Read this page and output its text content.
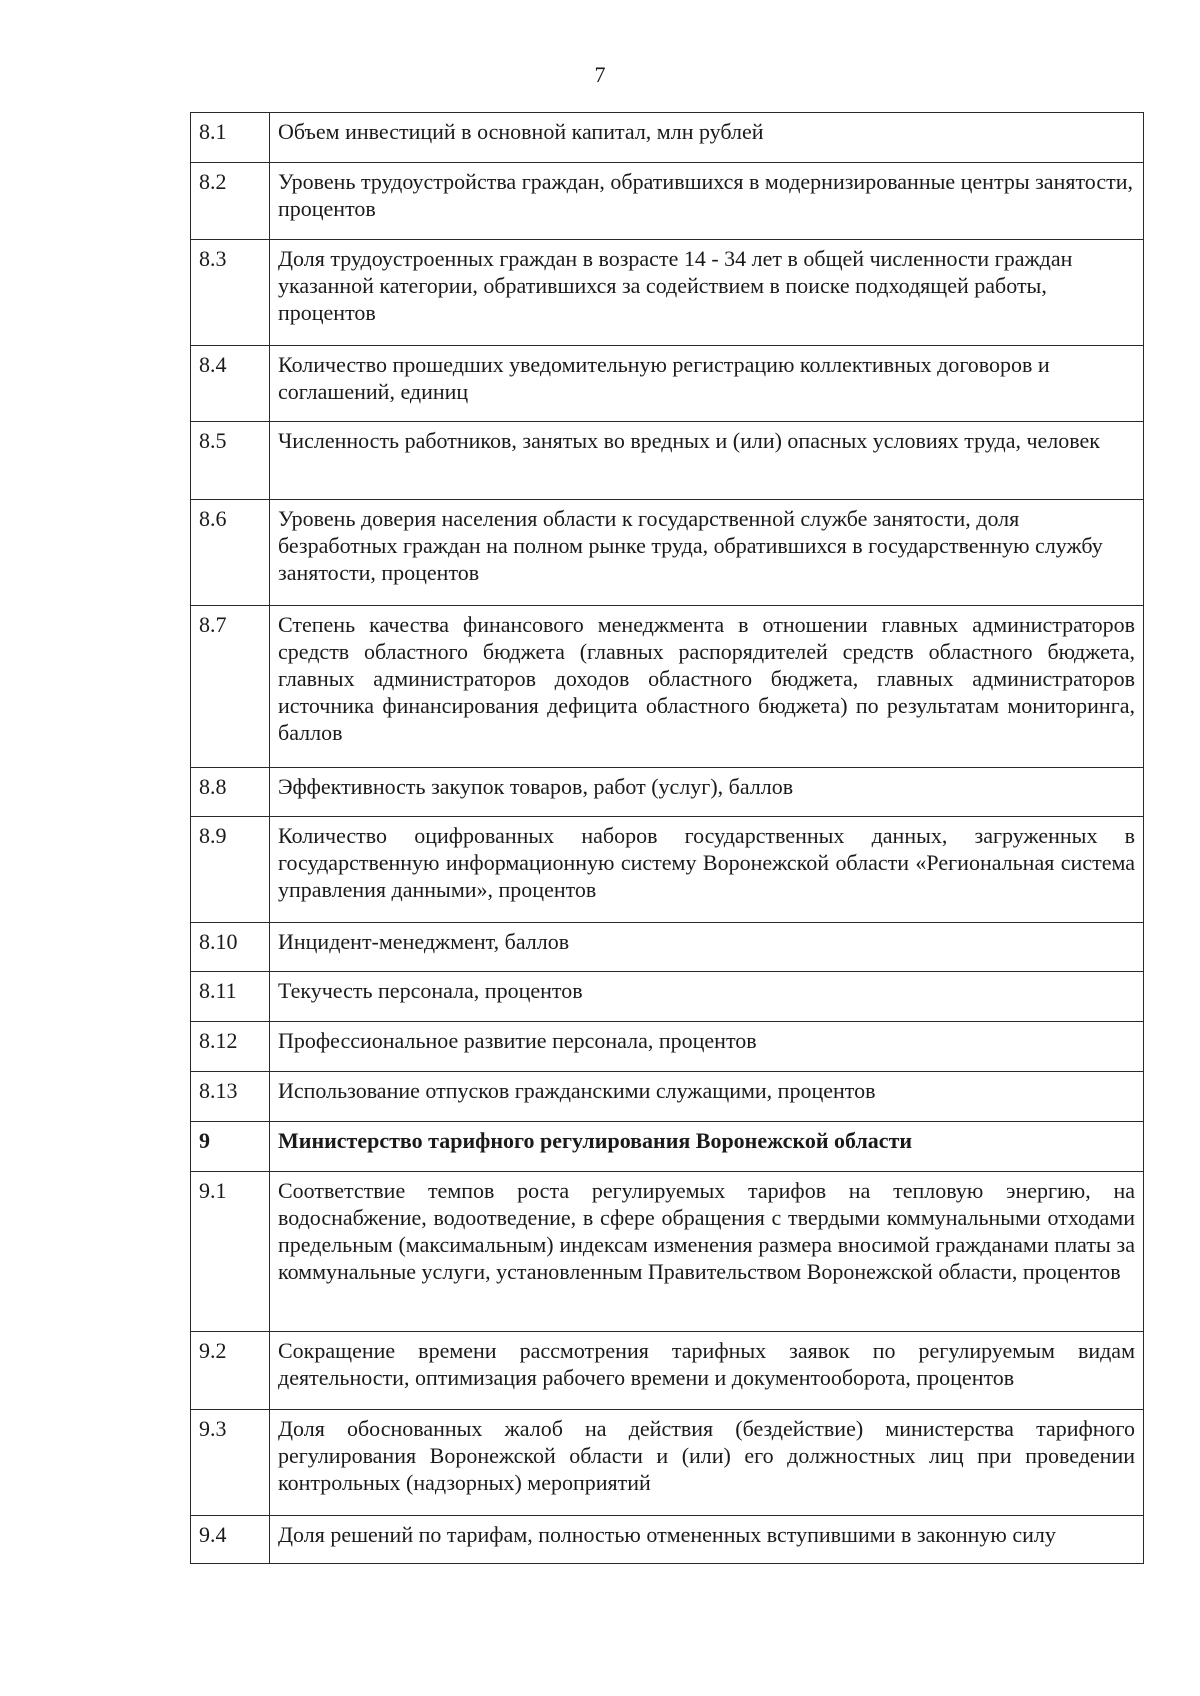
7
8.1	Объем инвестиций в основной капитал, млн рублей
8.2	Уровень трудоустройства граждан, обратившихся в модернизированные центры занятости, процентов
8.3	Доля трудоустроенных граждан в возрасте 14 - 34 лет в общей численности граждан указанной категории, обратившихся за содействием в поиске подходящей работы, процентов
8.4	Количество прошедших уведомительную регистрацию коллективных договоров и соглашений, единиц
8.5	Численность работников, занятых во вредных и (или) опасных условиях труда, человек
8.6	Уровень доверия населения области к государственной службе занятости, доля безработных граждан на полном рынке труда, обратившихся в государственную службу занятости, процентов
8.7	Степень качества финансового менеджмента в отношении главных администраторов средств областного бюджета (главных распорядителей средств областного бюджета, главных администраторов доходов областного бюджета, главных администраторов источника финансирования дефицита областного бюджета) по результатам мониторинга, баллов
8.8	Эффективность закупок товаров, работ (услуг), баллов
8.9	Количество оцифрованных наборов государственных данных, загруженных в государственную информационную систему Воронежской области «Региональная система управления данными», процентов
8.10	Инцидент-менеджмент, баллов
8.11	Текучесть персонала, процентов
8.12	Профессиональное развитие персонала, процентов
8.13	Использование отпусков гражданскими служащими, процентов
9	Министерство тарифного регулирования Воронежской области
9.1	Соответствие темпов роста регулируемых тарифов на тепловую энергию, на водоснабжение, водоотведение, в сфере обращения с твердыми коммунальными отходами предельным (максимальным) индексам изменения размера вносимой гражданами платы за коммунальные услуги, установленным Правительством Воронежской области, процентов
9.2	Сокращение времени рассмотрения тарифных заявок по регулируемым видам деятельности, оптимизация рабочего времени и документооборота, процентов
9.3	Доля обоснованных жалоб на действия (бездействие) министерства тарифного регулирования Воронежской области и (или) его должностных лиц при проведении контрольных (надзорных) мероприятий
9.4	Доля решений по тарифам, полностью отмененных вступившими в законную силу
